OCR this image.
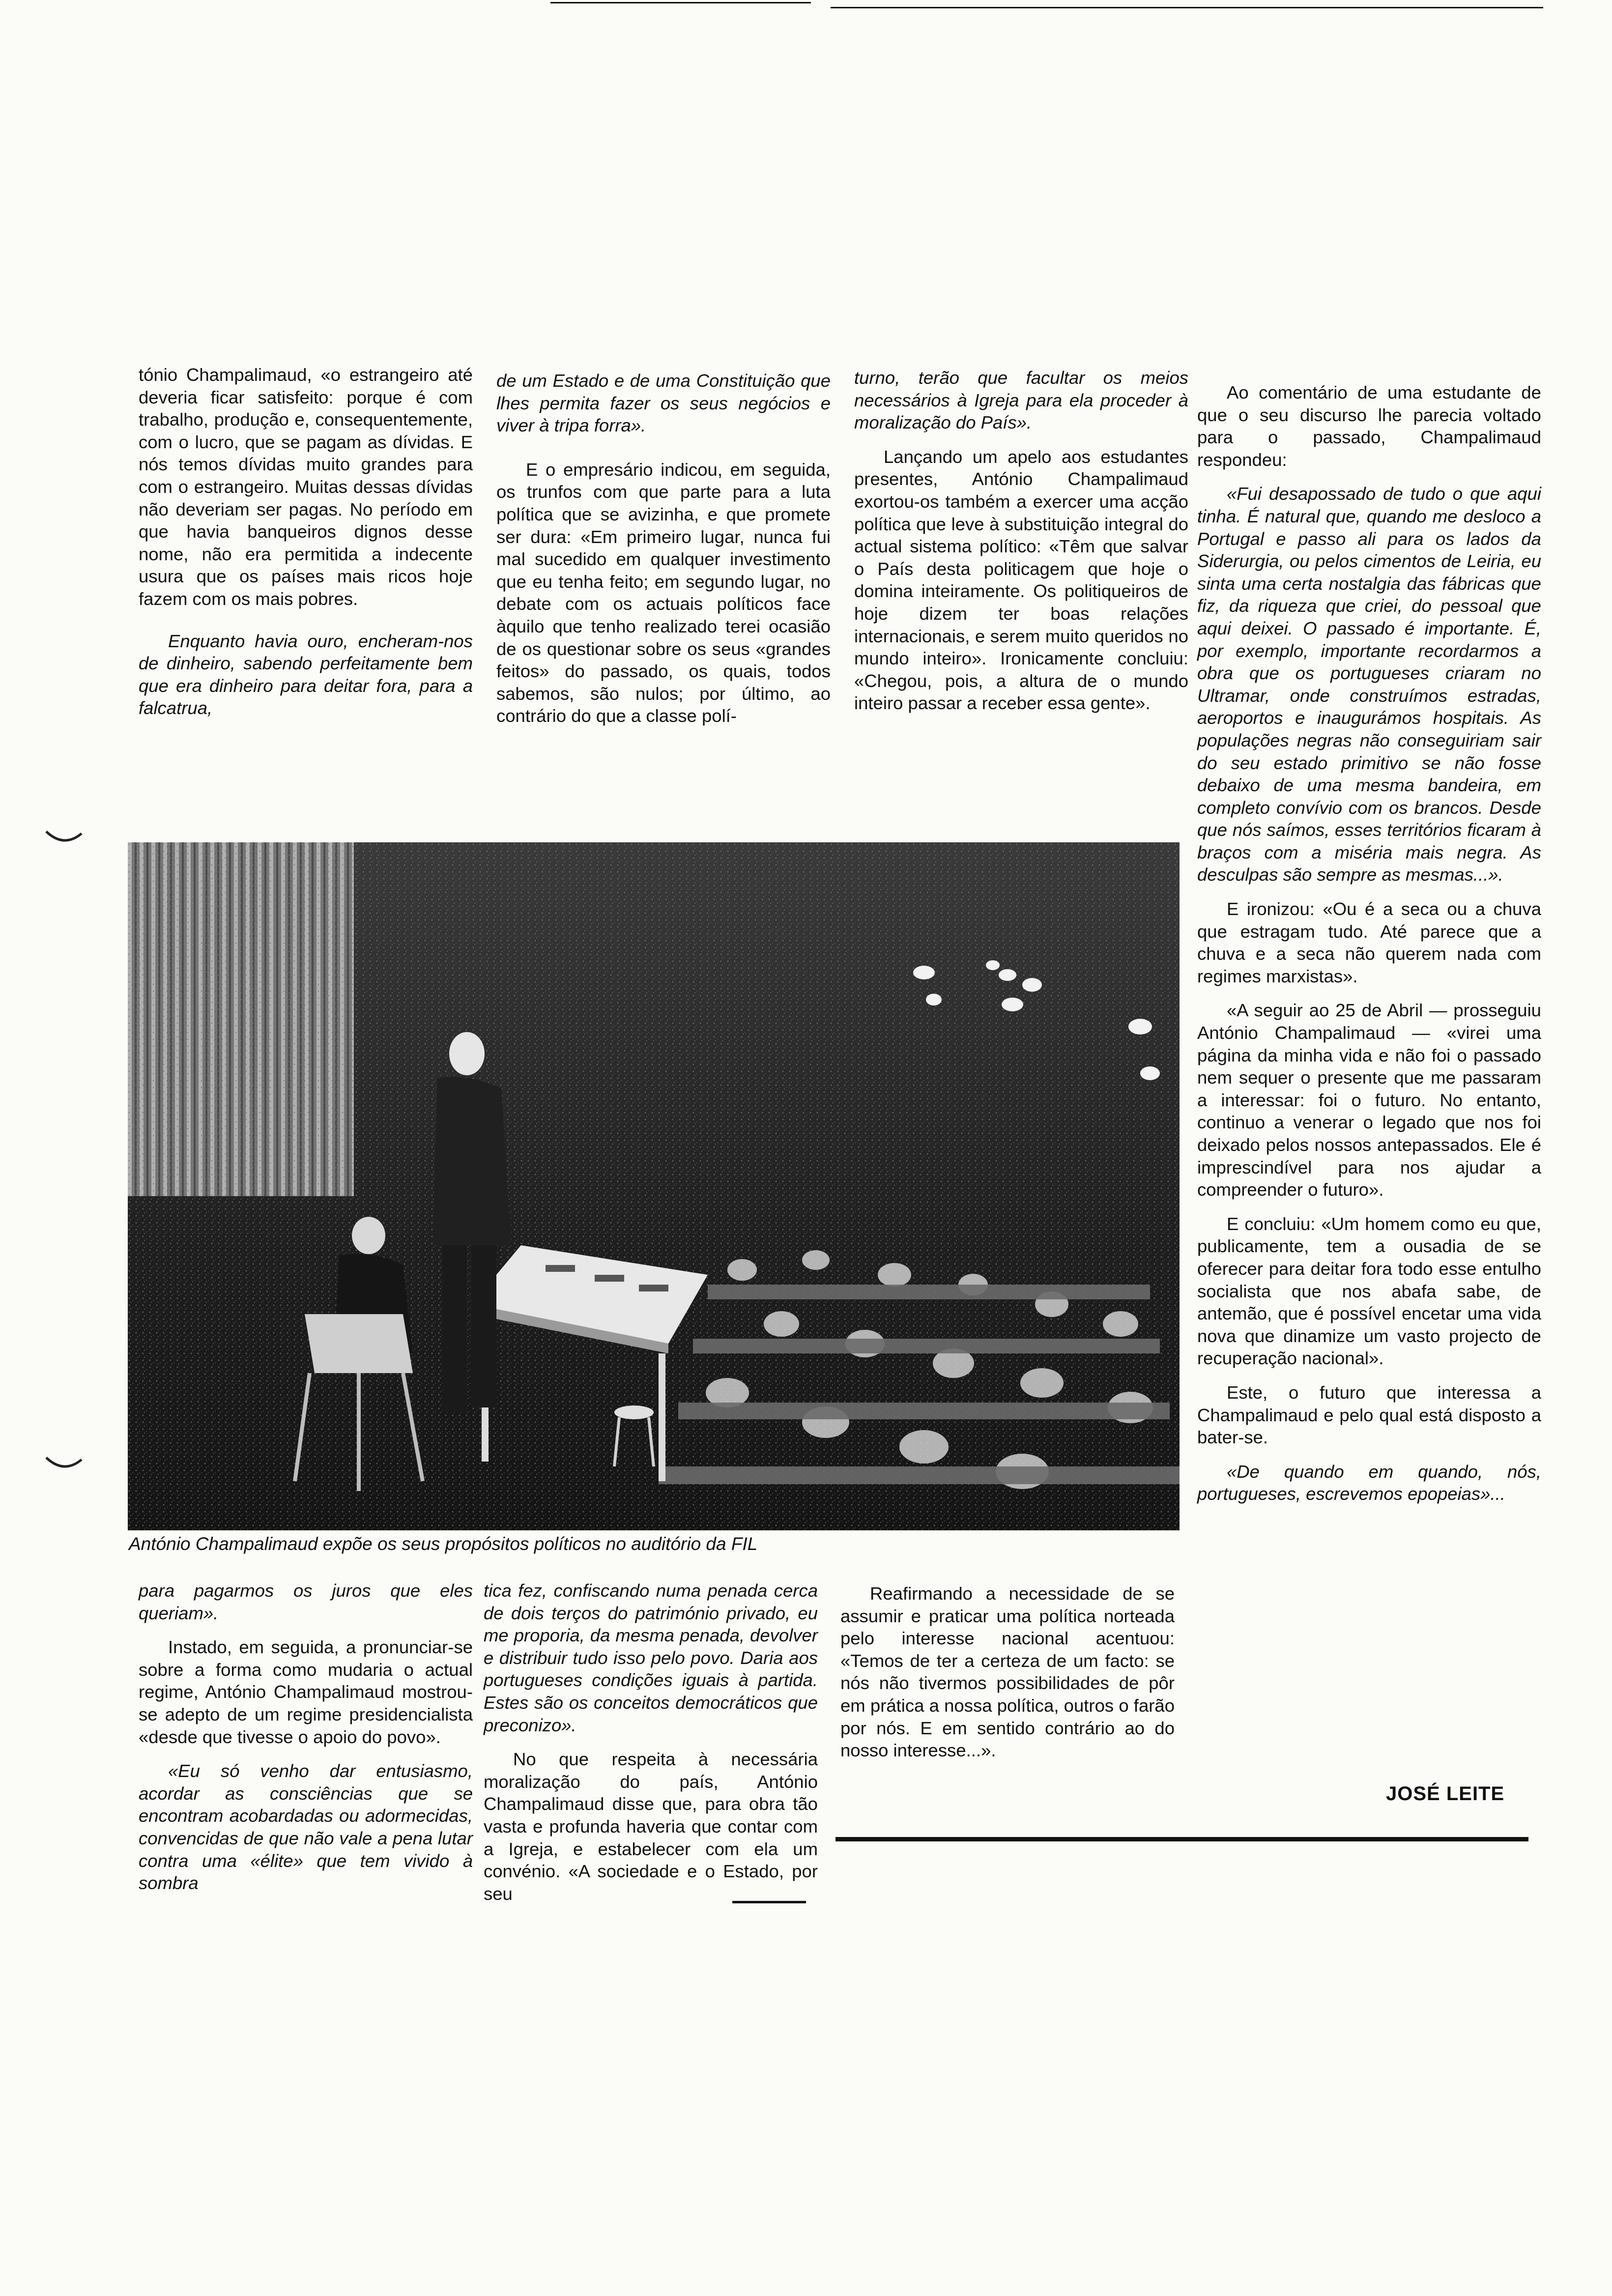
tónio Champalimaud, «o estrangeiro até deveria ficar satisfeito: porque é com trabalho, produção e, consequentemente, com o lucro, que se pagam as dívidas. E nós temos dívidas muito grandes para com o estrangeiro. Muitas dessas dívidas não deveriam ser pagas. No período em que havia banqueiros dignos desse nome, não era permitida a indecente usura que os países mais ricos hoje fazem com os mais pobres.

Enquanto havia ouro, encheram-nos de dinheiro, sabendo perfeitamente bem que era dinheiro para deitar fora, para a falcatrua,

de um Estado e de uma Constituição que lhes permita fazer os seus negócios e viver à tripa forra».

E o empresário indicou, em seguida, os trunfos com que parte para a luta política que se avizinha, e que promete ser dura: «Em primeiro lugar, nunca fui mal sucedido em qualquer investimento que eu tenha feito; em segundo lugar, no debate com os actuais políticos face àquilo que tenho realizado terei ocasião de os questionar sobre os seus «grandes feitos» do passado, os quais, todos sabemos, são nulos; por último, ao contrário do que a classe polí-

turno, terão que facultar os meios necessários à Igreja para ela proceder à moralização do País».

Lançando um apelo aos estudantes presentes, António Champalimaud exortou-os também a exercer uma acção política que leve à substituição integral do actual sistema político: «Têm que salvar o País desta politicagem que hoje o domina inteiramente. Os politiqueiros de hoje dizem ter boas relações internacionais, e serem muito queridos no mundo inteiro». Ironicamente concluiu: «Chegou, pois, a altura de o mundo inteiro passar a receber essa gente».

Ao comentário de uma estudante de que o seu discurso lhe parecia voltado para o passado, Champalimaud respondeu:

«Fui desapossado de tudo o que aqui tinha. É natural que, quando me desloco a Portugal e passo ali para os lados da Siderurgia, ou pelos cimentos de Leiria, eu sinta uma certa nostalgia das fábricas que fiz, da riqueza que criei, do pessoal que aqui deixei. O passado é importante. É, por exemplo, importante recordarmos a obra que os portugueses criaram no Ultramar, onde construímos estradas, aeroportos e inaugurámos hospitais. As populações negras não conseguiriam sair do seu estado primitivo se não fosse debaixo de uma mesma bandeira, em completo convívio com os brancos. Desde que nós saímos, esses territórios ficaram à braços com a miséria mais negra. As desculpas são sempre as mesmas...».

E ironizou: «Ou é a seca ou a chuva que estragam tudo. Até parece que a chuva e a seca não querem nada com regimes marxistas».

«A seguir ao 25 de Abril — prosseguiu António Champalimaud — «virei uma página da minha vida e não foi o passado nem sequer o presente que me passaram a interessar: foi o futuro. No entanto, continuo a venerar o legado que nos foi deixado pelos nossos antepassados. Ele é imprescindível para nos ajudar a compreender o futuro».

E concluiu: «Um homem como eu que, publicamente, tem a ousadia de se oferecer para deitar fora todo esse entulho socialista que nos abafa sabe, de antemão, que é possível encetar uma vida nova que dinamize um vasto projecto de recuperação nacional».

Este, o futuro que interessa a Champalimaud e pelo qual está disposto a bater-se.

«De quando em quando, nós, portugueses, escrevemos epopeias»...

António Champalimaud expõe os seus propósitos políticos no auditório da FIL

para pagarmos os juros que eles queriam».

Instado, em seguida, a pronunciar-se sobre a forma como mudaria o actual regime, António Champalimaud mostrou-se adepto de um regime presidencialista «desde que tivesse o apoio do povo».

«Eu só venho dar entusiasmo, acordar as consciências que se encontram acobardadas ou adormecidas, convencidas de que não vale a pena lutar contra uma «élite» que tem vivido à sombra

tica fez, confiscando numa penada cerca de dois terços do património privado, eu me proporia, da mesma penada, devolver e distribuir tudo isso pelo povo. Daria aos portugueses condições iguais à partida. Estes são os conceitos democráticos que preconizo».

No que respeita à necessária moralização do país, António Champalimaud disse que, para obra tão vasta e profunda haveria que contar com a Igreja, e estabelecer com ela um convénio. «A sociedade e o Estado, por seu

Reafirmando a necessidade de se assumir e praticar uma política norteada pelo interesse nacional acentuou: «Temos de ter a certeza de um facto: se nós não tivermos possibilidades de pôr em prática a nossa política, outros o farão por nós. E em sentido contrário ao do nosso interesse...».

JOSÉ LEITE
